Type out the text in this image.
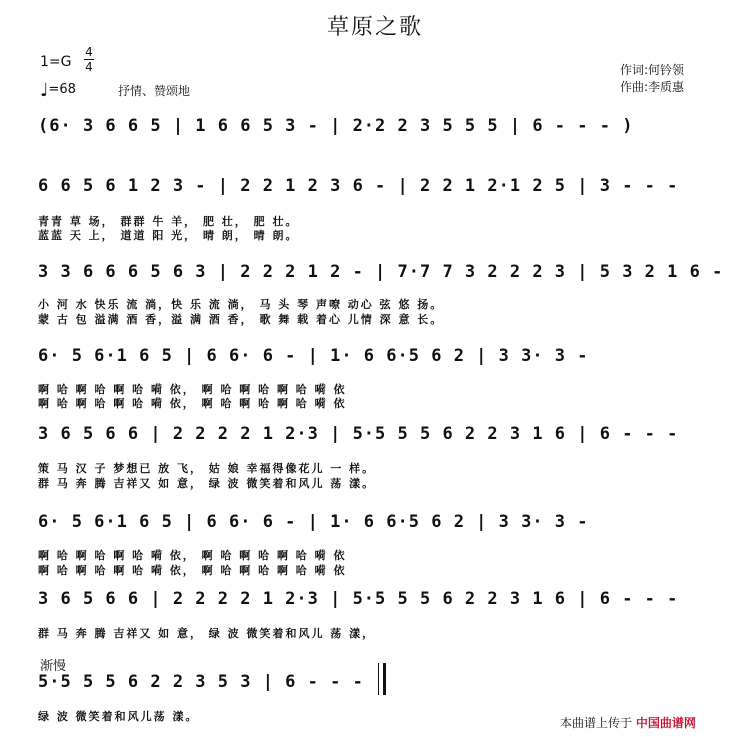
草原之歌
1=G
4
4
♩=68	抒情、赞颂地
作词:何钤领
作曲:李质惠
(6· 3 6 6 5 | 1 6 6 5 3 - | 2·2 2 3 5 5 5 | 6 - - - )
6 6 5 6 1 2 3 - | 2 2 1 2 3 6 - | 2 2 1 2·1 2 5 | 3 - - -
青青 草 场， 群群 牛 羊， 肥 壮， 肥 壮。
蓝蓝 天 上， 道道 阳 光， 晴 朗， 晴 朗。
3 3 6 6 6 5 6 3 | 2 2 2 1 2 - | 7·7 7 3 2 2 2 3 | 5 3 2 1 6 -
小 河 水 快乐 流 淌，快 乐 流 淌， 马 头 琴 声嘹 动心 弦 悠 扬。
蒙 古 包 溢满 酒 香，溢 满 酒 香， 歌 舞 载 着心 儿情 深 意 长。
6· 5 6·1 6 5 | 6 6· 6 - | 1· 6 6·5 6 2 | 3 3· 3 -
啊 哈 啊 哈 啊 哈 嗬 依， 啊 哈 啊 哈 啊 哈 嗬 依
啊 哈 啊 哈 啊 哈 嗬 依， 啊 哈 啊 哈 啊 哈 嗬 依
3 6 5 6 6 | 2 2 2 2 1 2·3 | 5·5 5 5 6 2 2 3 1 6 | 6 - - -
策 马 汉 子 梦想已 放 飞， 姑 娘 幸福得像花儿 一 样。
群 马 奔 腾 吉祥又 如 意， 绿 波 微笑着和风儿 荡 漾。
6· 5 6·1 6 5 | 6 6· 6 - | 1· 6 6·5 6 2 | 3 3· 3 -
啊 哈 啊 哈 啊 哈 嗬 依， 啊 哈 啊 哈 啊 哈 嗬 依
啊 哈 啊 哈 啊 哈 嗬 依， 啊 哈 啊 哈 啊 哈 嗬 依
3 6 5 6 6 | 2 2 2 2 1 2·3 | 5·5 5 5 6 2 2 3 1 6 | 6 - - -
群 马 奔 腾 吉祥又 如 意， 绿 波 微笑着和风儿 荡 漾，
渐慢
5·5 5 5 6 2 2 3 5 3 | 6 - - -
绿 波 微笑着和风儿荡 漾。	本曲谱上传于 中国曲谱网
